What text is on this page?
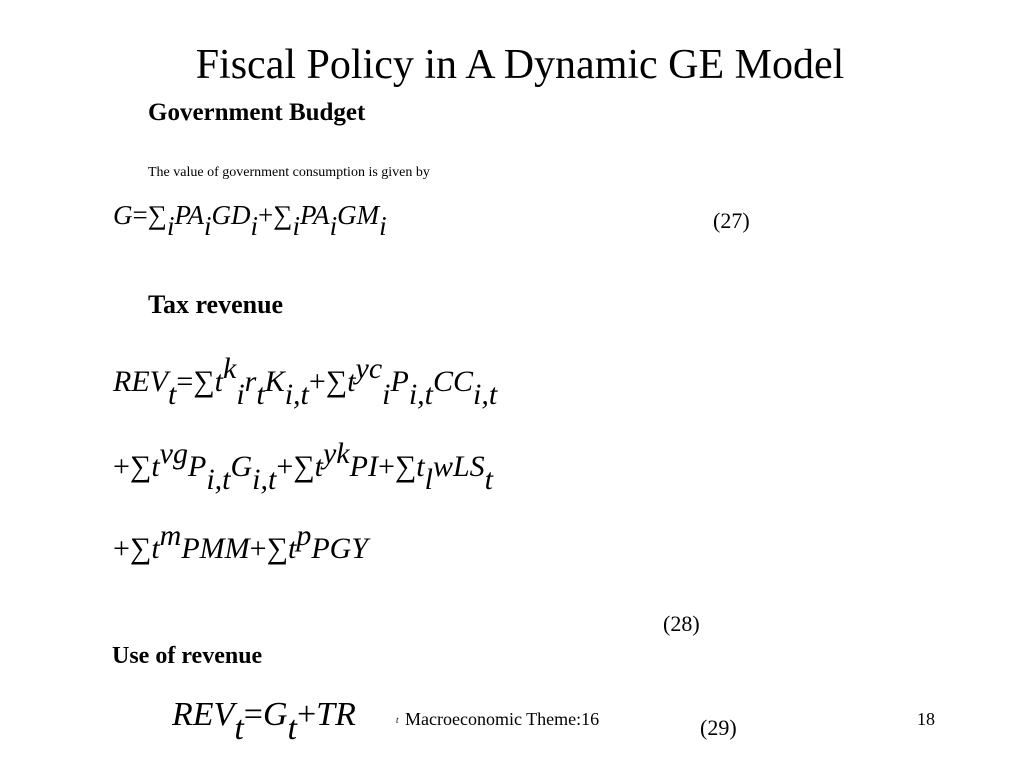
Fiscal Policy in A Dynamic GE Model
Government Budget
The value of government consumption is given by
G=∑iPAiGDi+∑iPAiGMi	(27)
Tax revenue
REVt=∑tkirtKi,t+∑tyciPi,tCCi,t
+∑tvgPi,tGi,t+∑tykPI+∑tlwLSt
+∑tmPMM+∑tpPGY
(28)
Use of revenue
REVt=Gt+TR	t	(29)
Macroeconomic Theme:16	18
